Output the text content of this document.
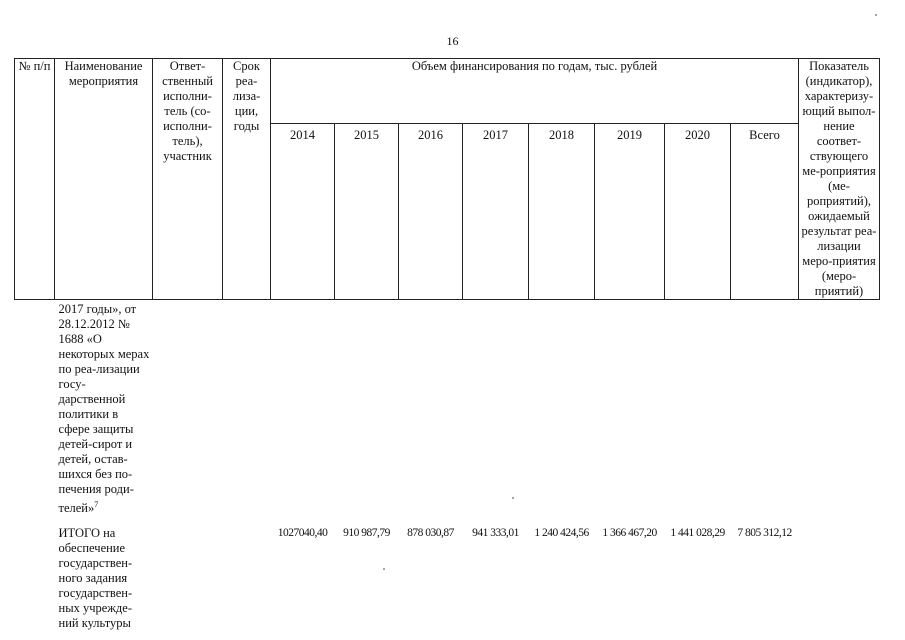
16
№ п/п	Наименование мероприятия	Ответ-ственный исполни-тель (со-исполни-тель), участник	Срок реа-лиза-ции, годы	Объем финансирования по годам, тыс. рублей								Показатель (индикатор), характеризу-ющий выпол-нение соответ-ствующего ме-роприятия (ме-роприятий), ожидаемый результат реа-лизации меро-приятия (меро-приятий)
				2014	2015	2016	2017	2018	2019	2020	Всего	
	2017 годы», от 28.12.2012 № 1688 «О некоторых мерах по реа-лизации госу-дарственной политики в сфере защиты детей-сирот и детей, остав-шихся без по-печения роди-телей»$^7$											
	ИТОГО на обеспечение государствен-ного задания государствен-ных учрежде-ний культуры			1027040,40	910 987,79	878 030,87	941 333,01	1 240 424,56	1 366 467,20	1 441 028,29	7 805 312,12	
